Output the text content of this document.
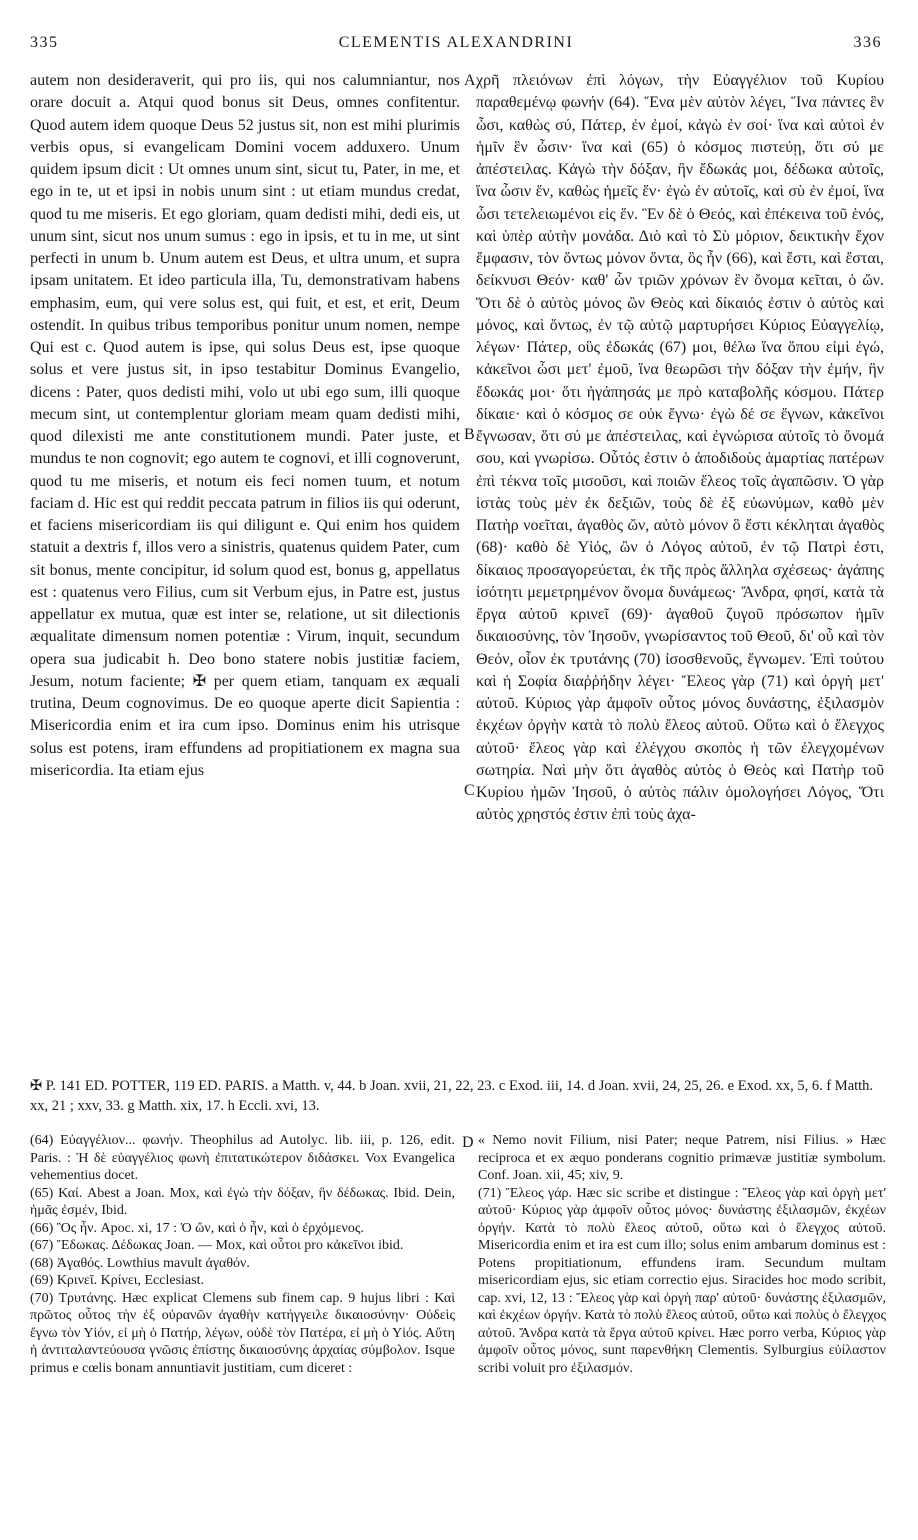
335	CLEMENTIS ALEXANDRINI	336

autem non desideraverit, qui pro iis, qui nos calumniantur, nos orare docuit a. Atqui quod bonus sit Deus, omnes confitentur. Quod autem idem quoque Deus 52 justus sit, non est mihi plurimis verbis opus, si evangelicam Domini vocem adduxero. Unum quidem ipsum dicit : Ut omnes unum sint, sicut tu, Pater, in me, et ego in te, ut et ipsi in nobis unum sint : ut etiam mundus credat, quod tu me miseris. Et ego gloriam, quam dedisti mihi, dedi eis, ut unum sint, sicut nos unum sumus : ego in ipsis, et tu in me, ut sint perfecti in unum b. Unum autem est Deus, et ultra unum, et supra ipsam unitatem. Et ideo particula illa, Tu, demonstrativam habens emphasim, eum, qui vere solus est, qui fuit, et est, et erit, Deum ostendit. In quibus tribus temporibus ponitur unum nomen, nempe Qui est c. Quod autem is ipse, qui solus Deus est, ipse quoque solus et vere justus sit, in ipso testabitur Dominus Evangelio, dicens : Pater, quos dedisti mihi, volo ut ubi ego sum, illi quoque mecum sint, ut contemplentur gloriam meam quam dedisti mihi, quod dilexisti me ante constitutionem mundi. Pater juste, et mundus te non cognovit; ego autem te cognovi, et illi cognoverunt, quod tu me miseris, et notum eis feci nomen tuum, et notum faciam d. Hic est qui reddit peccata patrum in filios iis qui oderunt, et faciens misericordiam iis qui diligunt e. Qui enim hos quidem statuit a dextris f, illos vero a sinistris, quatenus quidem Pater, cum sit bonus, mente concipitur, id solum quod est, bonus g, appellatus est : quatenus vero Filius, cum sit Verbum ejus, in Patre est, justus appellatur ex mutua, quæ est inter se, relatione, ut sit dilectionis æqualitate dimensum nomen potentiæ : Virum, inquit, secundum opera sua judicabit h. Deo bono statere nobis justitiæ faciem, Jesum, notum faciente; ✠ per quem etiam, tanquam ex æquali trutina, Deum cognovimus. De eo quoque aperte dicit Sapientia : Misericordia enim et ira cum ipso. Dominus enim his utrisque solus est potens, iram effundens ad propitiationem ex magna sua misericordia. Ita etiam ejus

A
B
C
D

χρῆ πλειόνων ἐπὶ λόγων, τὴν Εὐαγγέλιον τοῦ Κυρίου παραθεμένῳ φωνήν (64). Ἕνα μὲν αὐτὸν λέγει, Ἵνα πάντες ἓν ὦσι, καθὼς σύ, Πάτερ, ἐν ἐμοί, κἀγὼ ἐν σοί· ἵνα καὶ αὐτοὶ ἐν ἡμῖν ἓν ὦσιν· ἵνα καὶ (65) ὁ κόσμος πιστεύῃ, ὅτι σύ με ἀπέστειλας. Κἀγὼ τὴν δόξαν, ἣν ἔδωκάς μοι, δέδωκα αὐτοῖς, ἵνα ὦσιν ἕν, καθὼς ἡμεῖς ἕν· ἐγὼ ἐν αὐτοῖς, καὶ σὺ ἐν ἐμοί, ἵνα ὦσι τετελειωμένοι εἰς ἕν. Ἓν δὲ ὁ Θεός, καὶ ἐπέκεινα τοῦ ἑνός, καὶ ὑπὲρ αὐτὴν μονάδα. Διὸ καὶ τὸ Σὺ μόριον, δεικτικὴν ἔχον ἔμφασιν, τὸν ὄντως μόνον ὄντα, ὃς ἦν (66), καὶ ἔστι, καὶ ἔσται, δείκνυσι Θεόν· καθ' ὧν τριῶν χρόνων ἓν ὄνομα κεῖται, ὁ ὤν. Ὅτι δὲ ὁ αὐτὸς μόνος ὢν Θεὸς καὶ δίκαιός ἐστιν ὁ αὐτὸς καὶ μόνος, καὶ ὄντως, ἐν τῷ αὐτῷ μαρτυρήσει Κύριος Εὐαγγελίῳ, λέγων· Πάτερ, οὓς ἐδωκάς (67) μοι, θέλω ἵνα ὅπου εἰμὶ ἐγώ, κἀκεῖνοι ὦσι μετ' ἐμοῦ, ἵνα θεωρῶσι τὴν δόξαν τὴν ἐμήν, ἣν ἔδωκάς μοι· ὅτι ἠγάπησάς με πρὸ καταβολῆς κόσμου. Πάτερ δίκαιε· καὶ ὁ κόσμος σε οὐκ ἔγνω· ἐγὼ δέ σε ἔγνων, κἀκεῖνοι ἔγνωσαν, ὅτι σύ με ἀπέστειλας, καὶ ἐγνώρισα αὐτοῖς τὸ ὄνομά σου, καὶ γνωρίσω. Οὗτός ἐστιν ὁ ἀποδιδοὺς ἁμαρτίας πατέρων ἐπὶ τέκνα τοῖς μισοῦσι, καὶ ποιῶν ἔλεος τοῖς ἀγαπῶσιν. Ὁ γὰρ ἱστὰς τοὺς μὲν ἐκ δεξιῶν, τοὺς δὲ ἐξ εὐωνύμων, καθὸ μὲν Πατὴρ νοεῖται, ἀγαθὸς ὤν, αὐτὸ μόνον ὃ ἔστι κέκληται ἀγαθὸς (68)· καθὸ δὲ Υἱός, ὢν ὁ Λόγος αὐτοῦ, ἐν τῷ Πατρὶ ἐστι, δίκαιος προσαγορεύεται, ἐκ τῆς πρὸς ἄλληλα σχέσεως· ἀγάπης ἰσότητι μεμετρημένον ὄνομα δυνάμεως· Ἄνδρα, φησί, κατὰ τὰ ἔργα αὐτοῦ κρινεῖ (69)· ἀγαθοῦ ζυγοῦ πρόσωπον ἡμῖν δικαιοσύνης, τὸν Ἰησοῦν, γνωρίσαντος τοῦ Θεοῦ, δι' οὗ καὶ τὸν Θεόν, οἷον ἐκ τρυτάνης (70) ἰσοσθενοῦς, ἔγνωμεν. Ἐπὶ τούτου καὶ ἡ Σοφία διαῤῥήδην λέγει· Ἔλεος γὰρ (71) καὶ ὀργὴ μετ' αὐτοῦ. Κύριος γὰρ ἀμφοῖν οὗτος μόνος δυνάστης, ἐξιλασμὸν ἐκχέων ὀργὴν κατὰ τὸ πολὺ ἔλεος αὐτοῦ. Οὕτω καὶ ὁ ἔλεγχος αὐτοῦ· ἔλεος γὰρ καὶ ἐλέγχου σκοπὸς ἡ τῶν ἐλεγχομένων σωτηρία. Ναὶ μὴν ὅτι ἀγαθὸς αὐτὸς ὁ Θεὸς καὶ Πατὴρ τοῦ Κυρίου ἡμῶν Ἰησοῦ, ὁ αὐτὸς πάλιν ὁμολογήσει Λόγος, Ὅτι αὐτὸς χρηστός ἐστιν ἐπὶ τοὺς ἀχα-

✠ P. 141 ED. POTTER, 119 ED. PARIS. a Matth. v, 44. b Joan. xvii, 21, 22, 23. c Exod. iii, 14. d Joan. xvii, 24, 25, 26. e Exod. xx, 5, 6. f Matth. xx, 21 ; xxv, 33. g Matth. xix, 17. h Eccli. xvi, 13.

(64) Εὐαγγέλιον... φωνήν. Theophilus ad Autolyc. lib. iii, p. 126, edit. Paris. : Ἡ δὲ εὐαγγέλιος φωνὴ ἐπιτατικώτερον διδάσκει. Vox Evangelica vehementius docet.

(65) Καί. Abest a Joan. Mox, καὶ ἐγὼ τὴν δόξαν, ἣν δέδωκας. Ibid. Dein, ἡμᾶς ἐσμέν, Ibid.

(66) Ὃς ἦν. Apoc. xi, 17 : Ὁ ὤν, καὶ ὁ ἦν, καὶ ὁ ἐρχόμενος.

(67) Ἔδωκας. Δέδωκας Joan. — Mox, καὶ οὗτοι pro κἀκεῖνοι ibid.

(68) Ἀγαθός. Lowthius mavult ἀγαθόν.

(69) Κρινεῖ. Κρίνει, Ecclesiast.

(70) Τρυτάνης. Hæc explicat Clemens sub finem cap. 9 hujus libri : Καὶ πρῶτος οὗτος τὴν ἐξ οὐρανῶν ἀγαθὴν κατήγγειλε δικαιοσύνην· Οὐδεὶς ἔγνω τὸν Υἱόν, εἰ μὴ ὁ Πατήρ, λέγων, οὐδὲ τὸν Πατέρα, εἰ μὴ ὁ Υἱός. Αὕτη ἡ ἀντιταλαντεύουσα γνῶσις ἐπίστης δικαιοσύνης ἀρχαίας σύμβολον. Isque primus e cœlis bonam annuntiavit justitiam, cum diceret :

« Nemo novit Filium, nisi Pater; neque Patrem, nisi Filius. » Hæc reciproca et ex æquo ponderans cognitio primævæ justitiæ symbolum. Conf. Joan. xii, 45; xiv, 9.

(71) Ἔλεος γάρ. Hæc sic scribe et distingue : Ἔλεος γὰρ καὶ ὀργὴ μετ' αὐτοῦ· Κύριος γὰρ ἀμφοῖν οὗτος μόνος· δυνάστης ἐξιλασμῶν, ἐκχέων ὀργήν. Κατὰ τὸ πολὺ ἔλεος αὐτοῦ, οὕτω καὶ ὁ ἔλεγχος αὐτοῦ. Misericordia enim et ira est cum illo; solus enim ambarum dominus est : Potens propitiationum, effundens iram. Secundum multam misericordiam ejus, sic etiam correctio ejus. Siracides hoc modo scribit, cap. xvi, 12, 13 : Ἔλεος γὰρ καὶ ὀργὴ παρ' αὐτοῦ· δυνάστης ἐξιλασμῶν, καὶ ἐκχέων ὀργήν. Κατὰ τὸ πολὺ ἔλεος αὐτοῦ, οὕτω καὶ πολὺς ὁ ἔλεγχος αὐτοῦ. Ἄνδρα κατὰ τὰ ἔργα αὐτοῦ κρίνει. Hæc porro verba, Κύριος γὰρ ἀμφοῖν οὗτος μόνος, sunt παρενθήκη Clementis. Sylburgius εὐίλαστον scribi voluit pro ἐξιλασμόν.
